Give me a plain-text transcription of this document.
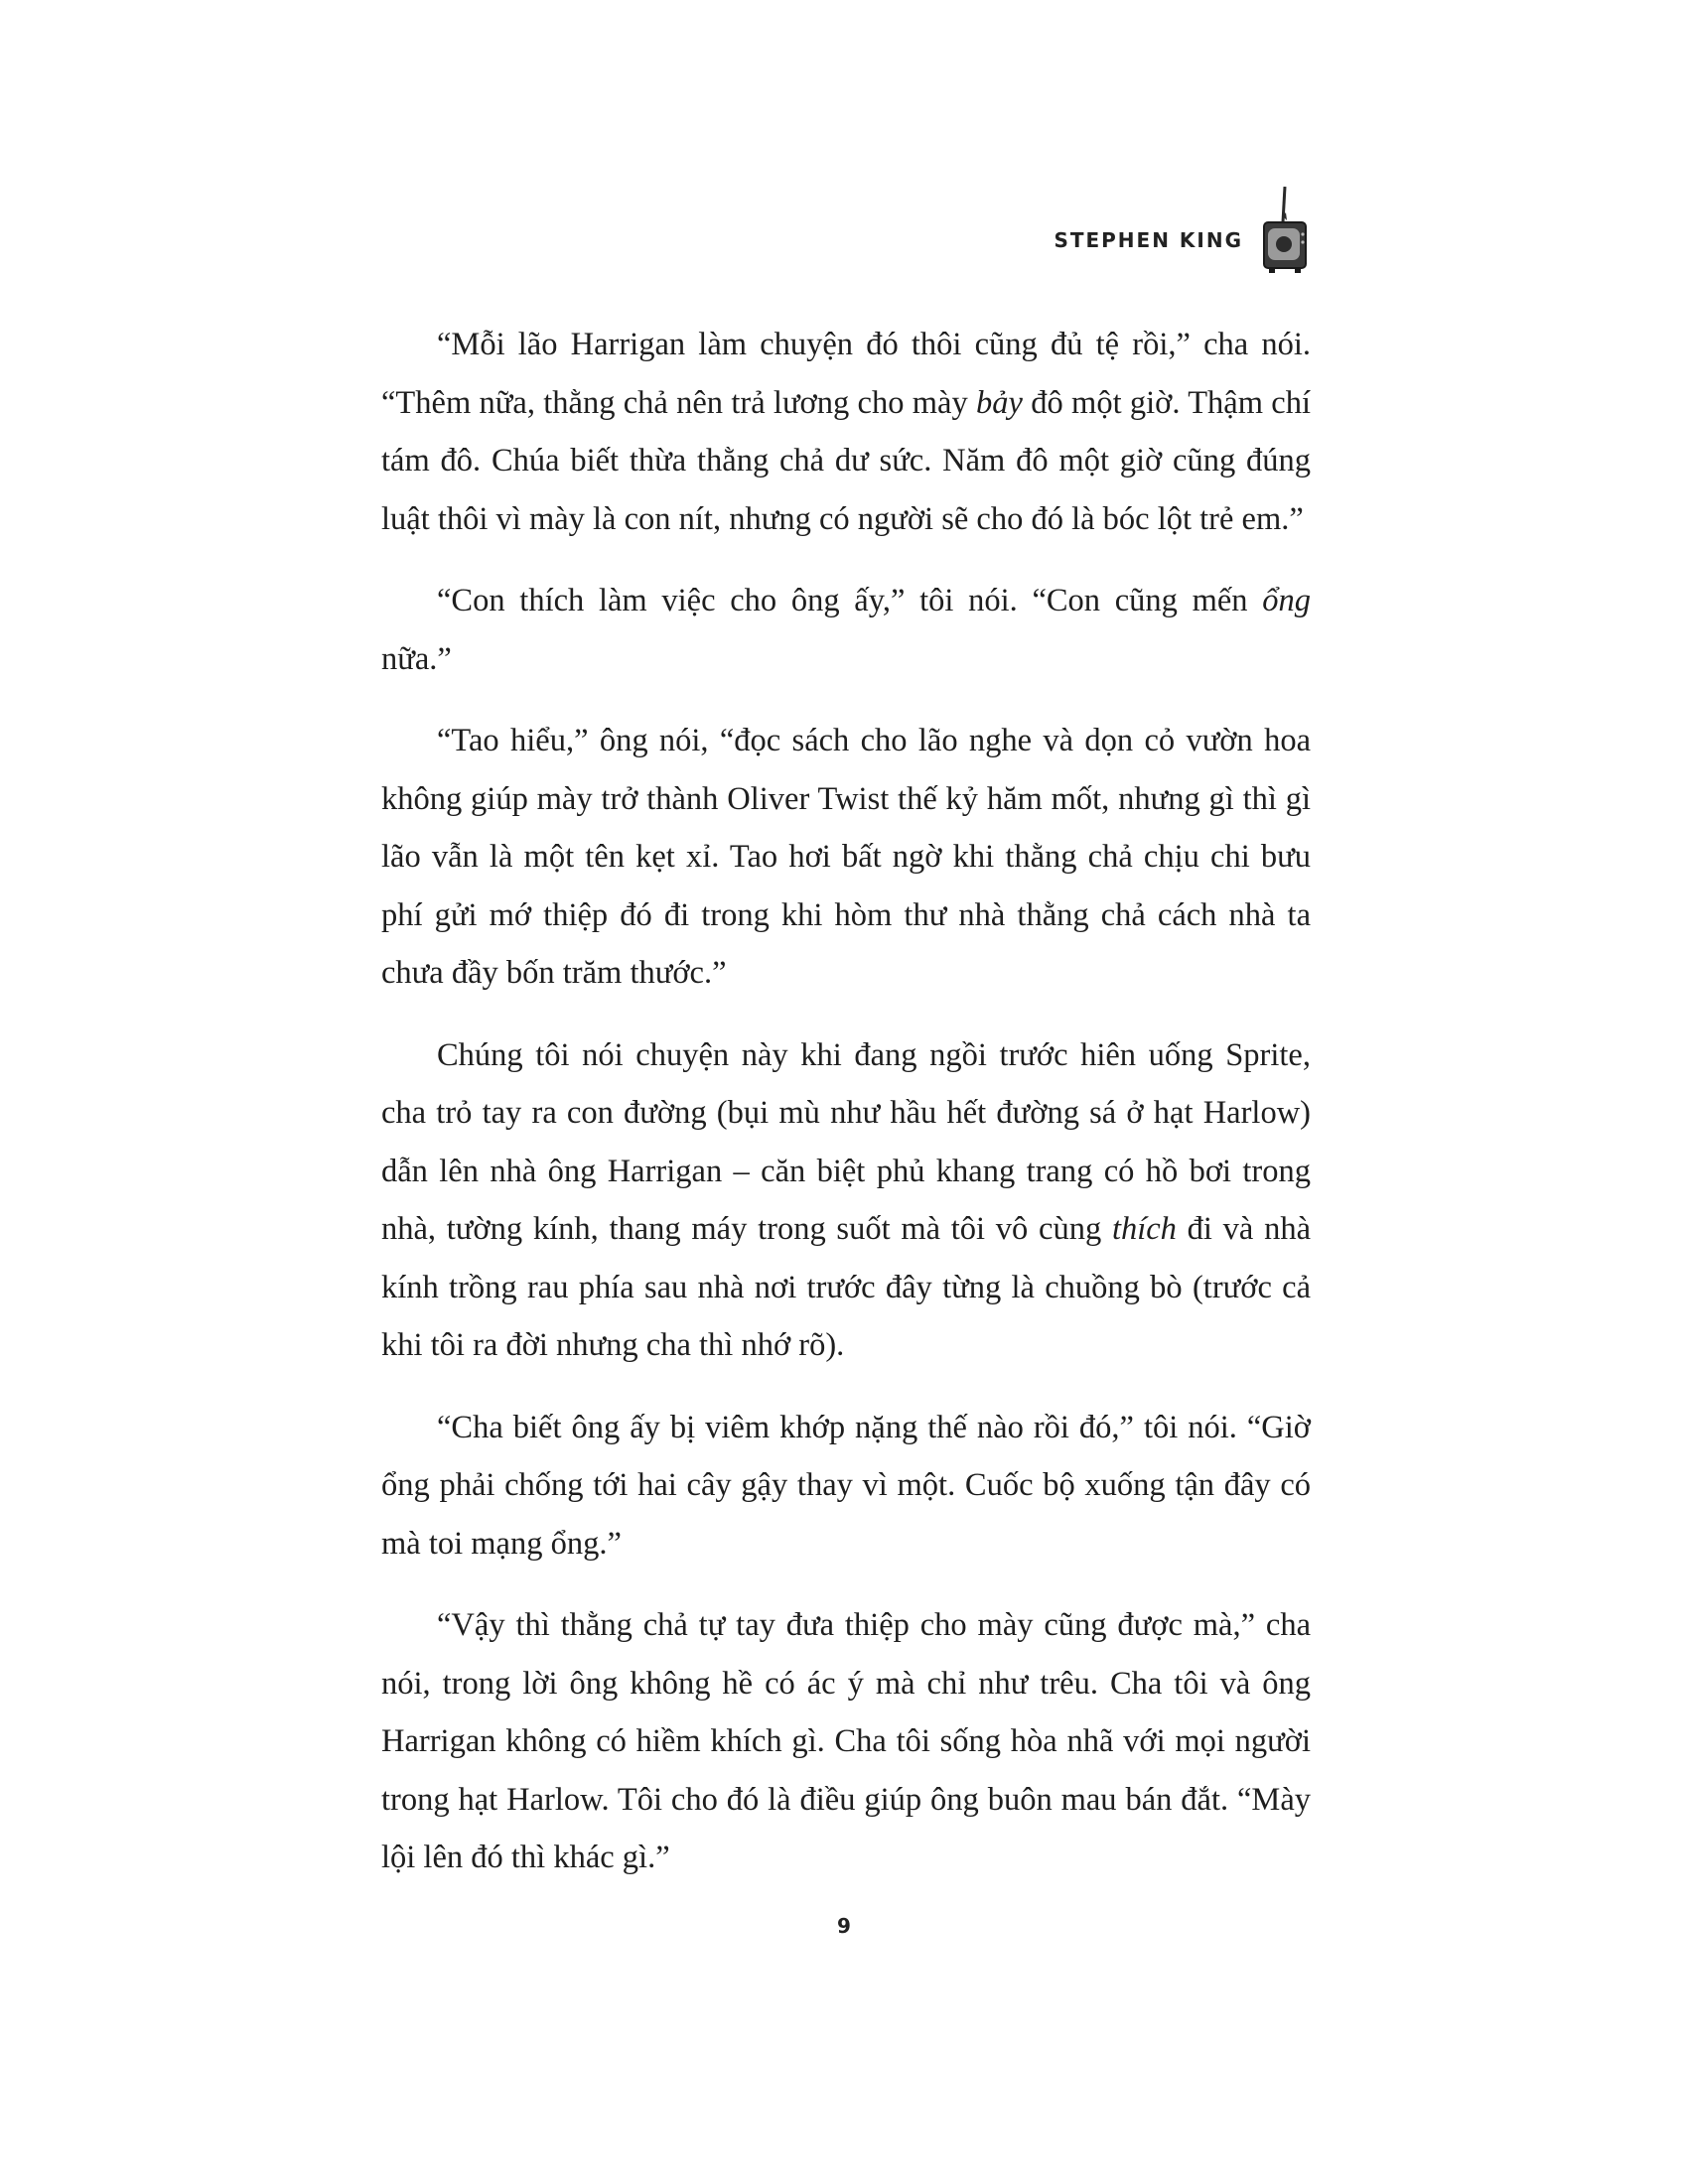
STEPHEN KING

“Mỗi lão Harrigan làm chuyện đó thôi cũng đủ tệ rồi,” cha nói. “Thêm nữa, thằng chả nên trả lương cho mày bảy đô một giờ. Thậm chí tám đô. Chúa biết thừa thằng chả dư sức. Năm đô một giờ cũng đúng luật thôi vì mày là con nít, nhưng có người sẽ cho đó là bóc lột trẻ em.”

“Con thích làm việc cho ông ấy,” tôi nói. “Con cũng mến ổng nữa.”

“Tao hiểu,” ông nói, “đọc sách cho lão nghe và dọn cỏ vườn hoa không giúp mày trở thành Oliver Twist thế kỷ hăm mốt, nhưng gì thì gì lão vẫn là một tên kẹt xỉ. Tao hơi bất ngờ khi thằng chả chịu chi bưu phí gửi mớ thiệp đó đi trong khi hòm thư nhà thằng chả cách nhà ta chưa đầy bốn trăm thước.”

Chúng tôi nói chuyện này khi đang ngồi trước hiên uống Sprite, cha trỏ tay ra con đường (bụi mù như hầu hết đường sá ở hạt Harlow) dẫn lên nhà ông Harrigan – căn biệt phủ khang trang có hồ bơi trong nhà, tường kính, thang máy trong suốt mà tôi vô cùng thích đi và nhà kính trồng rau phía sau nhà nơi trước đây từng là chuồng bò (trước cả khi tôi ra đời nhưng cha thì nhớ rõ).

“Cha biết ông ấy bị viêm khớp nặng thế nào rồi đó,” tôi nói. “Giờ ổng phải chống tới hai cây gậy thay vì một. Cuốc bộ xuống tận đây có mà toi mạng ổng.”

“Vậy thì thằng chả tự tay đưa thiệp cho mày cũng được mà,” cha nói, trong lời ông không hề có ác ý mà chỉ như trêu. Cha tôi và ông Harrigan không có hiềm khích gì. Cha tôi sống hòa nhã với mọi người trong hạt Harlow. Tôi cho đó là điều giúp ông buôn mau bán đắt. “Mày lội lên đó thì khác gì.”

9
